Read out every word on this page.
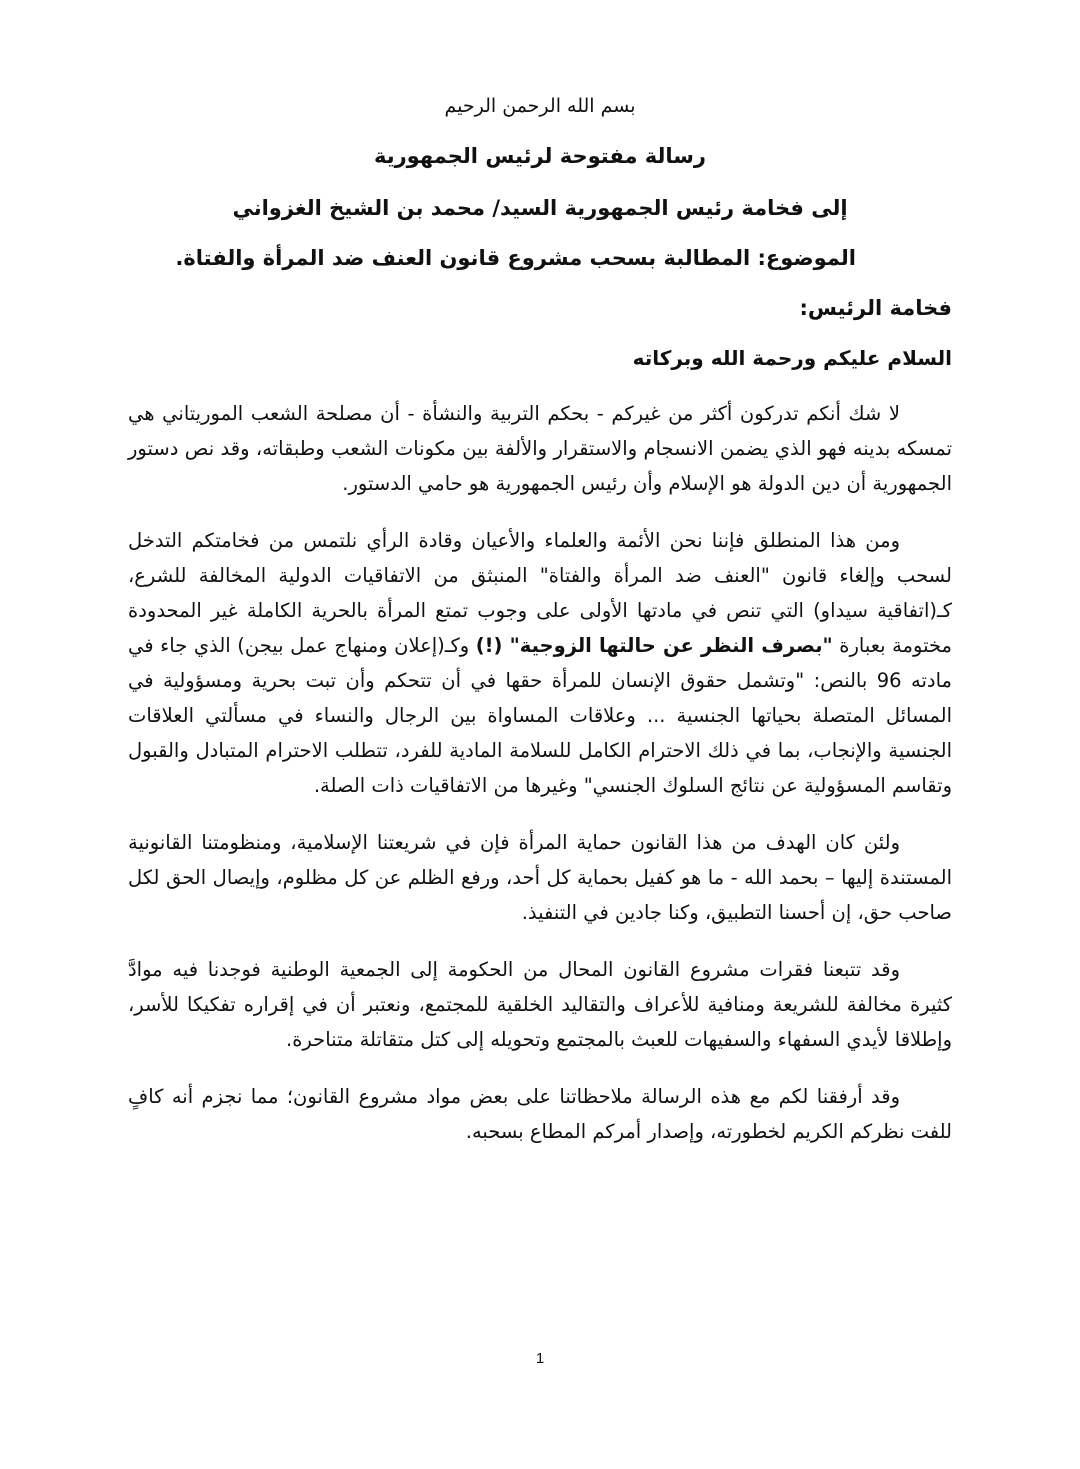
بسم الله الرحمن الرحيم

رسالة مفتوحة لرئيس الجمهورية

إلى فخامة رئيس الجمهورية السيد/ محمد بن الشيخ الغزواني

الموضوع: المطالبة بسحب مشروع قانون العنف ضد المرأة والفتاة.

فخامة الرئيس:

السلام عليكم ورحمة الله وبركاته

لا شك أنكم تدركون أكثر من غيركم - بحكم التربية والنشأة - أن مصلحة الشعب الموريتاني هي تمسكه بدينه فهو الذي يضمن الانسجام والاستقرار والألفة بين مكونات الشعب وطبقاته، وقد نص دستور الجمهورية أن دين الدولة هو الإسلام وأن رئيس الجمهورية هو حامي الدستور.

ومن هذا المنطلق فإننا نحن الأئمة والعلماء والأعيان وقادة الرأي نلتمس من فخامتكم التدخل لسحب وإلغاء قانون "العنف ضد المرأة والفتاة" المنبثق من الاتفاقيات الدولية المخالفة للشرع، كـ(اتفاقية سيداو) التي تنص في مادتها الأولى على وجوب تمتع المرأة بالحرية الكاملة غير المحدودة مختومة بعبارة "بصرف النظر عن حالتها الزوجية" (!) وكـ(إعلان ومنهاج عمل بيجن) الذي جاء في مادته 96 بالنص: "وتشمل حقوق الإنسان للمرأة حقها في أن تتحكم وأن تبت بحرية ومسؤولية في المسائل المتصلة بحياتها الجنسية ... وعلاقات المساواة بين الرجال والنساء في مسألتي العلاقات الجنسية والإنجاب، بما في ذلك الاحترام الكامل للسلامة المادية للفرد، تتطلب الاحترام المتبادل والقبول وتقاسم المسؤولية عن نتائج السلوك الجنسي" وغيرها من الاتفاقيات ذات الصلة.

ولئن كان الهدف من هذا القانون حماية المرأة فإن في شريعتنا الإسلامية، ومنظومتنا القانونية المستندة إليها – بحمد الله - ما هو كفيل بحماية كل أحد، ورفع الظلم عن كل مظلوم، وإيصال الحق لكل صاحب حق، إن أحسنا التطبيق، وكنا جادين في التنفيذ.

وقد تتبعنا فقرات مشروع القانون المحال من الحكومة إلى الجمعية الوطنية فوجدنا فيه موادَّ كثيرة مخالفة للشريعة ومنافية للأعراف والتقاليد الخلقية للمجتمع، ونعتبر أن في إقراره تفكيكا للأسر، وإطلاقا لأيدي السفهاء والسفيهات للعبث بالمجتمع وتحويله إلى كتل متقاتلة متناحرة.

وقد أرفقنا لكم مع هذه الرسالة ملاحظاتنا على بعض مواد مشروع القانون؛ مما نجزم أنه كافٍ للفت نظركم الكريم لخطورته، وإصدار أمركم المطاع بسحبه.

1
